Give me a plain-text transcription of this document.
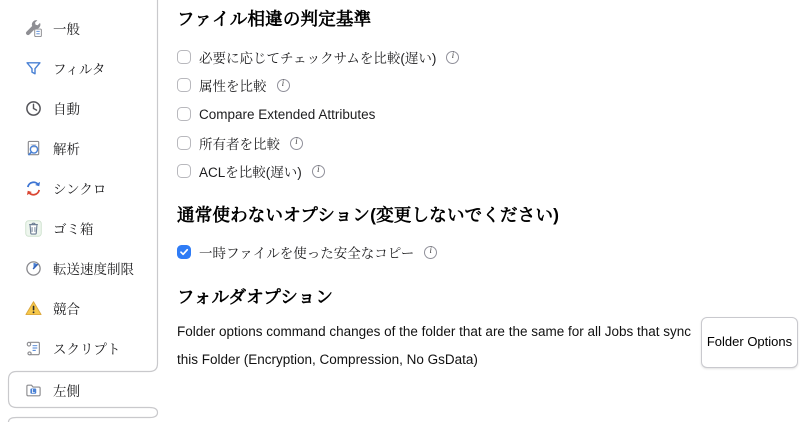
一般
フィルタ
自動
解析
シンクロ
ゴミ箱
転送速度制限
競合
スクリプト
L 左側
ファイル相違の判定基準
必要に応じてチェックサムを比較(遅い)	i
属性を比較	i
Compare Extended Attributes
所有者を比較	i
ACLを比較(遅い)	i
通常使わないオプション(変更しないでください)
一時ファイルを使った安全なコピー	i
フォルダオプション

Folder options command changes of the folder that are the same for all Jobs that sync this Folder (Encryption, Compression, No GsData)

Folder Options
